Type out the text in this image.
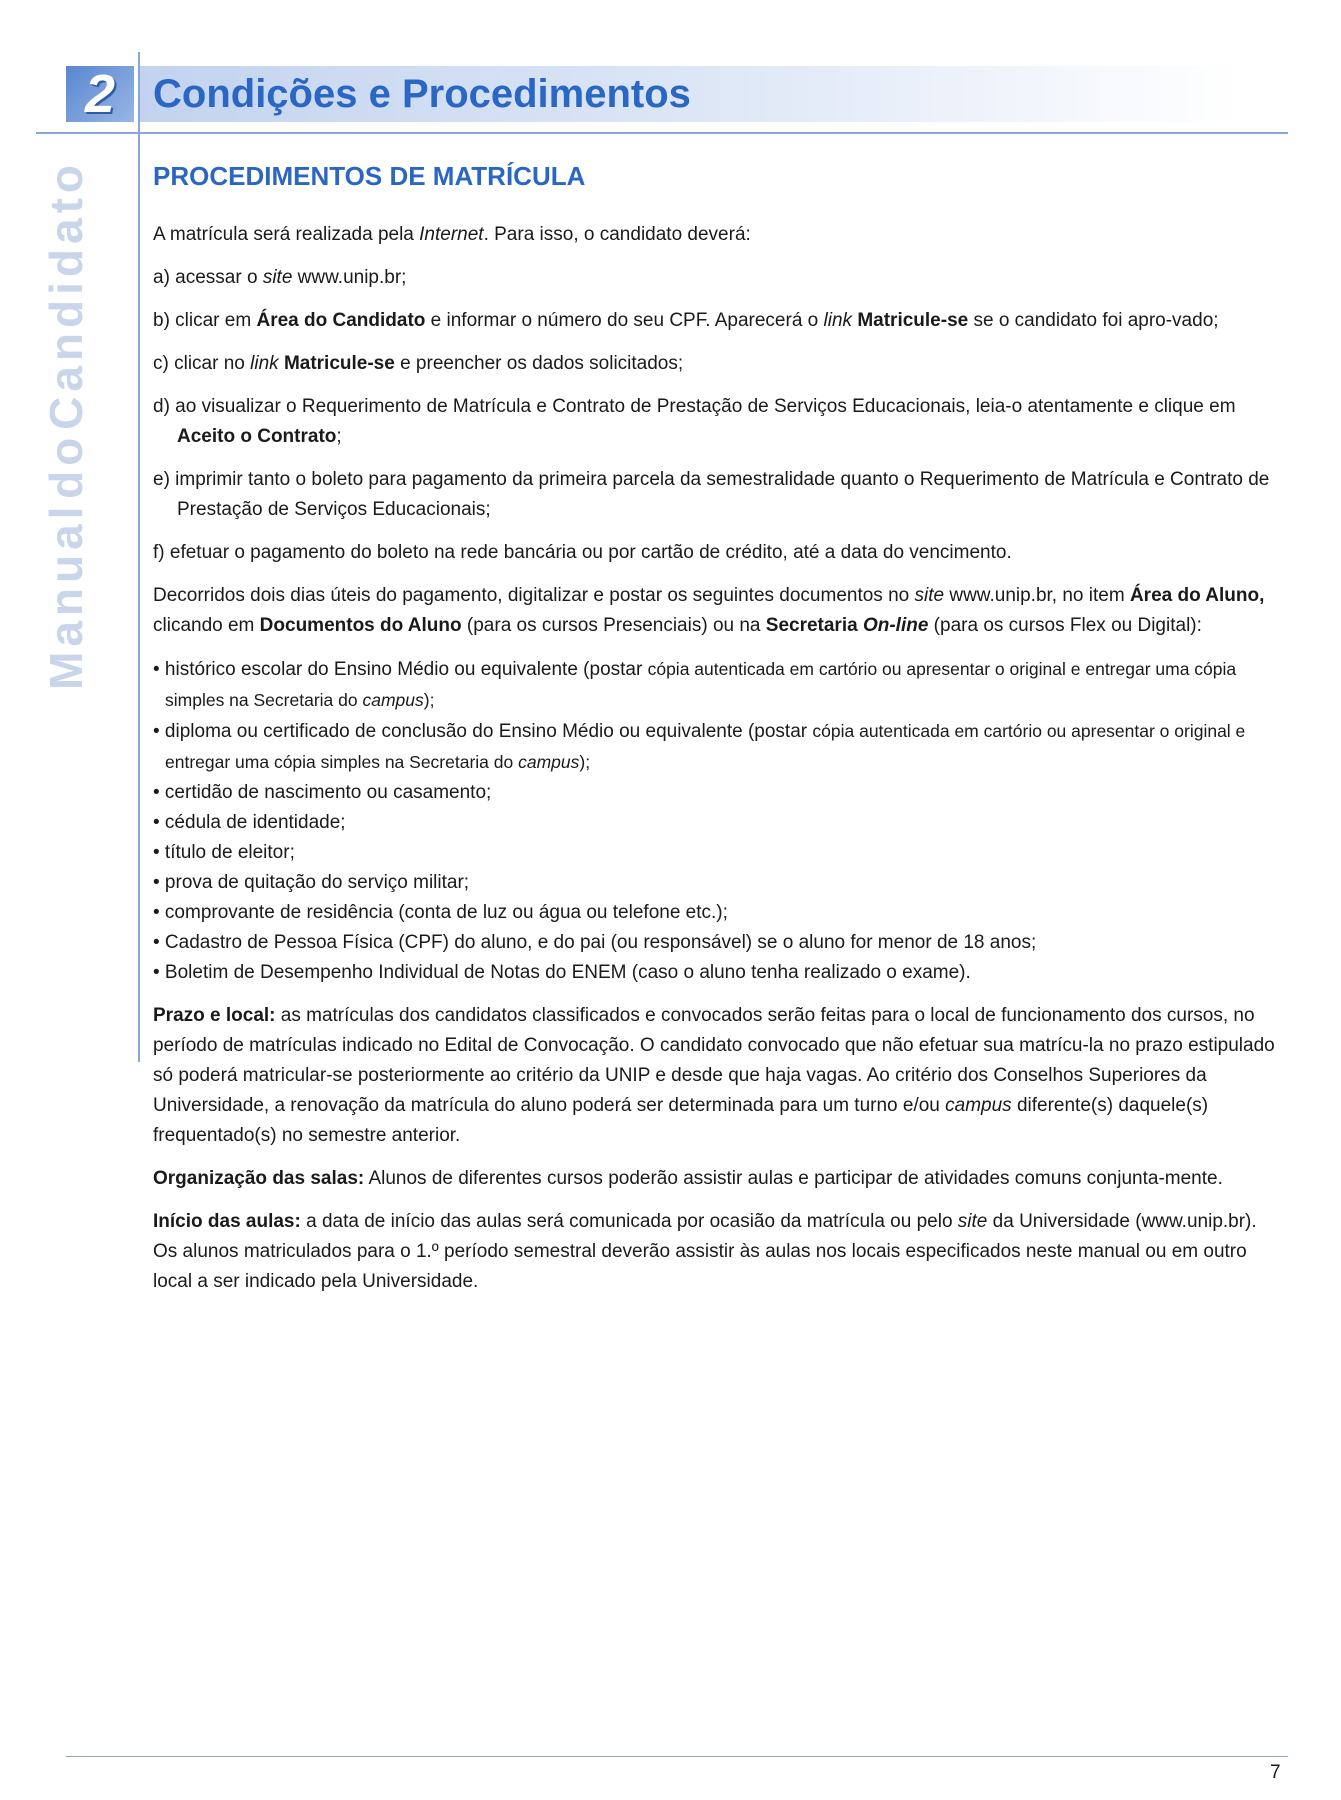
2 Condições e Procedimentos
Manual
do
Candidato PROCEDIMENTOS DE MATRÍCULA

A matrícula será realizada pela Internet. Para isso, o candidato deverá:

a) acessar o site www.unip.br;

b) clicar em Área do Candidato e informar o número do seu CPF. Aparecerá o link Matricule-se se o candidato foi apro-vado;

c) clicar no link Matricule-se e preencher os dados solicitados;

d) ao visualizar o Requerimento de Matrícula e Contrato de Prestação de Serviços Educacionais, leia-o atentamente e clique em Aceito o Contrato;

e) imprimir tanto o boleto para pagamento da primeira parcela da semestralidade quanto o Requerimento de Matrícula e Contrato de Prestação de Serviços Educacionais;

f) efetuar o pagamento do boleto na rede bancária ou por cartão de crédito, até a data do vencimento.

Decorridos dois dias úteis do pagamento, digitalizar e postar os seguintes documentos no site www.unip.br, no item Área do Aluno, clicando em Documentos do Aluno (para os cursos Presenciais) ou na Secretaria On-line (para os cursos Flex ou Digital):

• histórico escolar do Ensino Médio ou equivalente (postar cópia autenticada em cartório ou apresentar o original e entregar uma cópia simples na Secretaria do campus);

• diploma ou certificado de conclusão do Ensino Médio ou equivalente (postar cópia autenticada em cartório ou apresentar o original e entregar uma cópia simples na Secretaria do campus);

• certidão de nascimento ou casamento;

• cédula de identidade;

• título de eleitor;

• prova de quitação do serviço militar;

• comprovante de residência (conta de luz ou água ou telefone etc.);

• Cadastro de Pessoa Física (CPF) do aluno, e do pai (ou responsável) se o aluno for menor de 18 anos;

• Boletim de Desempenho Individual de Notas do ENEM (caso o aluno tenha realizado o exame).

Prazo e local: as matrículas dos candidatos classificados e convocados serão feitas para o local de funcionamento dos cursos, no período de matrículas indicado no Edital de Convocação. O candidato convocado que não efetuar sua matrícu-la no prazo estipulado só poderá matricular-se posteriormente ao critério da UNIP e desde que haja vagas. Ao critério dos Conselhos Superiores da Universidade, a renovação da matrícula do aluno poderá ser determinada para um turno e/ou campus diferente(s) daquele(s) frequentado(s) no semestre anterior.

Organização das salas: Alunos de diferentes cursos poderão assistir aulas e participar de atividades comuns conjunta-mente.

Início das aulas: a data de início das aulas será comunicada por ocasião da matrícula ou pelo site da Universidade (www.unip.br). Os alunos matriculados para o 1.º período semestral deverão assistir às aulas nos locais especificados neste manual ou em outro local a ser indicado pela Universidade.

7
